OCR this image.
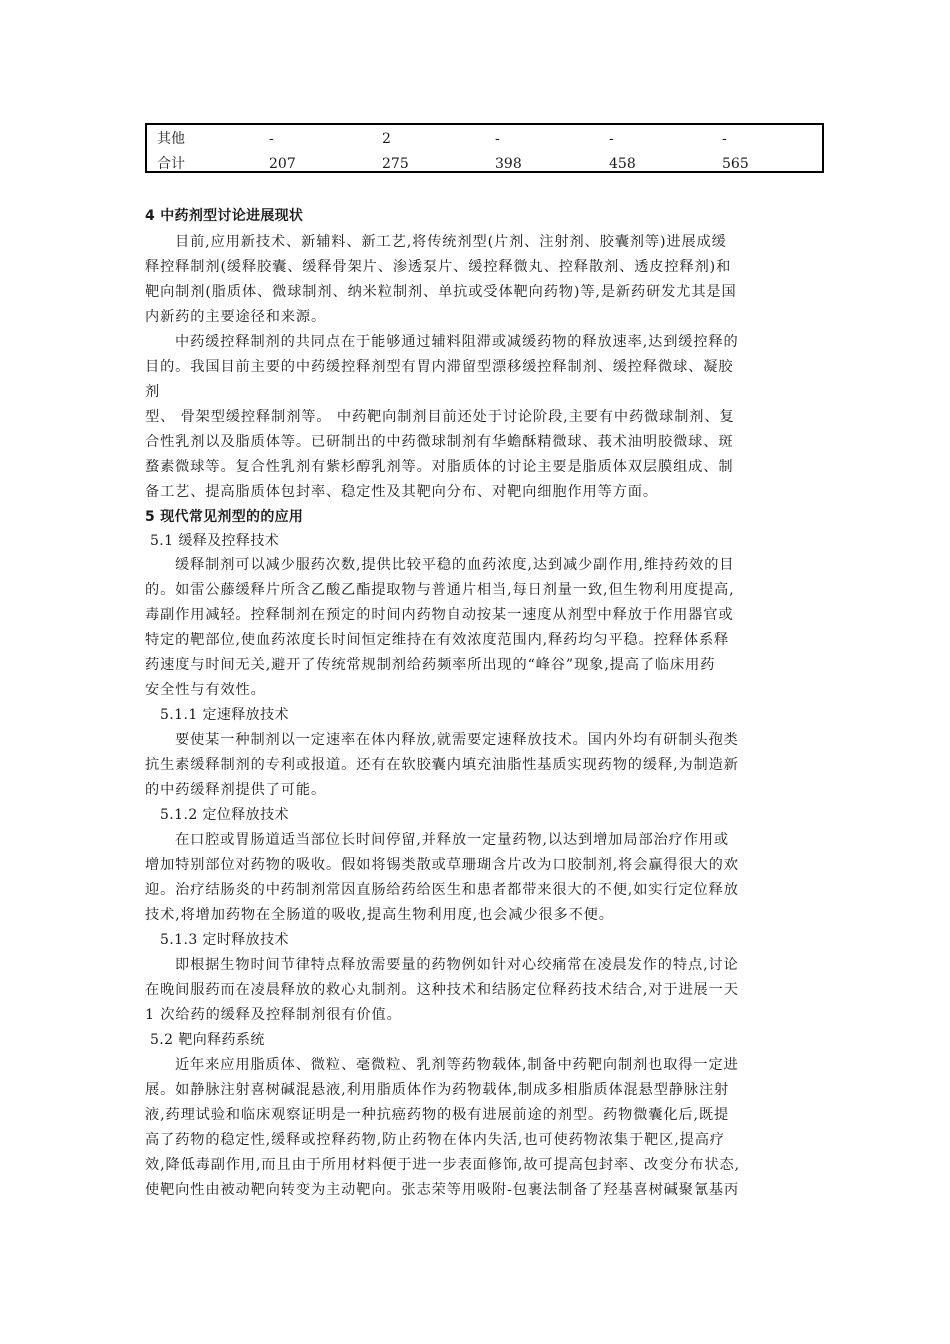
其他	-	2	-	-	-
合计	207	275	398	458	565
4 中药剂型讨论进展现状
目前,应用新技术、新辅料、新工艺,将传统剂型(片剂、注射剂、胶囊剂等)进展成缓
释控释制剂(缓释胶囊、缓释骨架片、渗透泵片、缓控释微丸、控释散剂、透皮控释剂)和
靶向制剂(脂质体、微球制剂、纳米粒制剂、单抗或受体靶向药物)等,是新药研发尤其是国
内新药的主要途径和来源。
中药缓控释制剂的共同点在于能够通过辅料阻滞或减缓药物的释放速率,达到缓控释的
目的。我国目前主要的中药缓控释剂型有胃内滞留型漂移缓控释制剂、缓控释微球、凝胶
剂
型、 骨架型缓控释制剂等。 中药靶向制剂目前还处于讨论阶段,主要有中药微球制剂、复
合性乳剂以及脂质体等。已研制出的中药微球制剂有华蟾酥精微球、莪术油明胶微球、斑
蝥素微球等。复合性乳剂有紫杉醇乳剂等。对脂质体的讨论主要是脂质体双层膜组成、制
备工艺、提高脂质体包封率、稳定性及其靶向分布、对靶向细胞作用等方面。
5 现代常见剂型的的应用
5.1 缓释及控释技术
缓释制剂可以减少服药次数,提供比较平稳的血药浓度,达到减少副作用,维持药效的目
的。如雷公藤缓释片所含乙酸乙酯提取物与普通片相当,每日剂量一致,但生物利用度提高,
毒副作用减轻。控释制剂在预定的时间内药物自动按某一速度从剂型中释放于作用器官或
特定的靶部位,使血药浓度长时间恒定维持在有效浓度范围内,释药均匀平稳。控释体系释
药速度与时间无关,避开了传统常规制剂给药频率所出现的“峰谷”现象,提高了临床用药
安全性与有效性。
5.1.1 定速释放技术
要使某一种制剂以一定速率在体内释放,就需要定速释放技术。国内外均有研制头孢类
抗生素缓释制剂的专利或报道。还有在软胶囊内填充油脂性基质实现药物的缓释,为制造新
的中药缓释剂提供了可能。
5.1.2 定位释放技术
在口腔或胃肠道适当部位长时间停留,并释放一定量药物,以达到增加局部治疗作用或
增加特别部位对药物的吸收。假如将锡类散或草珊瑚含片改为口胶制剂,将会赢得很大的欢
迎。治疗结肠炎的中药制剂常因直肠给药给医生和患者都带来很大的不便,如实行定位释放
技术,将增加药物在全肠道的吸收,提高生物利用度,也会减少很多不便。
5.1.3 定时释放技术
即根据生物时间节律特点释放需要量的药物例如针对心绞痛常在凌晨发作的特点,讨论
在晚间服药而在凌晨释放的救心丸制剂。这种技术和结肠定位释药技术结合,对于进展一天
1 次给药的缓释及控释制剂很有价值。
5.2 靶向释药系统
近年来应用脂质体、微粒、毫微粒、乳剂等药物载体,制备中药靶向制剂也取得一定进
展。如静脉注射喜树碱混悬液,利用脂质体作为药物载体,制成多相脂质体混悬型静脉注射
液,药理试验和临床观察证明是一种抗癌药物的极有进展前途的剂型。药物微囊化后,既提
高了药物的稳定性,缓释或控释药物,防止药物在体内失活,也可使药物浓集于靶区,提高疗
效,降低毒副作用,而且由于所用材料便于进一步表面修饰,故可提高包封率、改变分布状态,
使靶向性由被动靶向转变为主动靶向。张志荣等用吸附-包裹法制备了羟基喜树碱聚氰基丙
